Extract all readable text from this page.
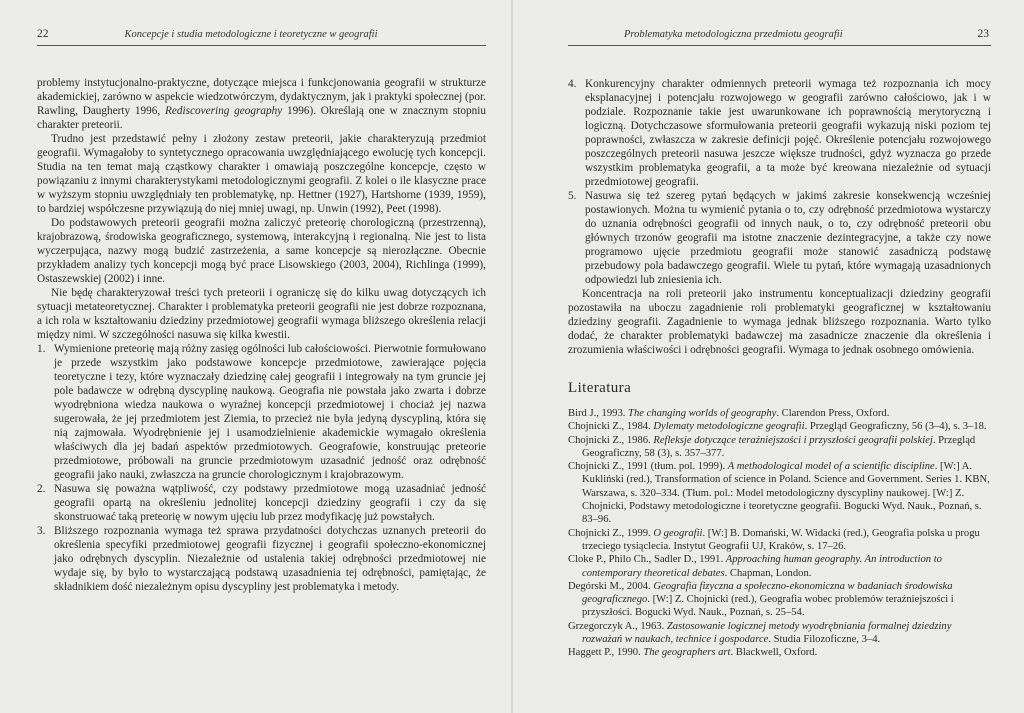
22	Koncepcje i studia metodologiczne i teoretyczne w geografii

problemy instytucjonalno-praktyczne, dotyczące miejsca i funkcjonowania geografii w strukturze akademickiej, zarówno w aspekcie wiedzotwórczym, dydaktycznym, jak i praktyki społecznej (por. Rawling, Daugherty 1996, Rediscovering geography 1996). Określają one w znacznym stopniu charakter preteorii.

Trudno jest przedstawić pełny i złożony zestaw preteorii, jakie charakteryzują przedmiot geografii. Wymagałoby to syntetycznego opracowania uwzględniającego ewolucję tych koncepcji. Studia na ten temat mają cząstkowy charakter i omawiają poszczególne koncepcje, często w powiązaniu z innymi charakterystykami metodologicznymi geografii. Z kolei o ile klasyczne prace w wyższym stopniu uwzględniały ten problematykę, np. Hettner (1927), Hartshorne (1939, 1959), to bardziej współczesne przywiązują do niej mniej uwagi, np. Unwin (1992), Peet (1998).

Do podstawowych preteorii geografii można zaliczyć preteorię chorologiczną (przestrzenną), krajobrazową, środowiska geograficznego, systemową, interakcyjną i regionalną. Nie jest to lista wyczerpująca, nazwy mogą budzić zastrzeżenia, a same koncepcje są nierozłączne. Obecnie przykładem analizy tych koncepcji mogą być prace Lisowskiego (2003, 2004), Richlinga (1999), Ostaszewskiej (2002) i inne.

Nie będę charakteryzował treści tych preteorii i ograniczę się do kilku uwag dotyczących ich sytuacji metateoretycznej. Charakter i problematyka preteorii geografii nie jest dobrze rozpoznana, a ich rola w kształtowaniu dziedziny przedmiotowej geografii wymaga bliższego określenia relacji między nimi. W szczególności nasuwa się kilka kwestii.

1. Wymienione preteorię mają różny zasięg ogólności lub całościowości. Pierwotnie formułowano je przede wszystkim jako podstawowe koncepcje przedmiotowe, zawierające pojęcia teoretyczne i tezy, które wyznaczały dziedzinę całej geografii i integrowały na tym gruncie jej pole badawcze w odrębną dyscyplinę naukową. Geografia nie powstała jako zwarta i dobrze wyodrębniona wiedza naukowa o wyraźnej koncepcji przedmiotowej i chociaż jej nazwa sugerowała, że jej przedmiotem jest Ziemia, to przecież nie była jedyną dyscypliną, która się nią zajmowała. Wyodrębnienie jej i usamodzielnienie akademickie wymagało określenia właściwych dla jej badań aspektów przedmiotowych. Geografowie, konstruując preteorie przedmiotowe, próbowali na gruncie przedmiotowym uzasadnić jedność oraz odrębność geografii jako nauki, zwłaszcza na gruncie chorologicznym i krajobrazowym.
2. Nasuwa się poważna wątpliwość, czy podstawy przedmiotowe mogą uzasadniać jedność geografii opartą na określeniu jednolitej koncepcji dziedziny geografii i czy da się skonstruować taką preteorię w nowym ujęciu lub przez modyfikację już powstałych.
3. Bliższego rozpoznania wymaga też sprawa przydatności dotychczas uznanych preteorii do określenia specyfiki przedmiotowej geografii fizycznej i geografii społeczno-ekonomicznej jako odrębnych dyscyplin. Niezależnie od ustalenia takiej odrębności przedmiotowej nie wydaje się, by było to wystarczającą podstawą uzasadnienia tej odrębności, pamiętając, że składnikiem dość niezależnym opisu dyscypliny jest problematyka i metody.
Problematyka metodologiczna przedmiotu geografii	23
4. Konkurencyjny charakter odmiennych preteorii wymaga też rozpoznania ich mocy eksplanacyjnej i potencjału rozwojowego w geografii zarówno całościowo, jak i w podziale. Rozpoznanie takie jest uwarunkowane ich poprawnością merytoryczną i logiczną. Dotychczasowe sformułowania preteorii geografii wykazują niski poziom tej poprawności, zwłaszcza w zakresie definicji pojęć. Określenie potencjału rozwojowego poszczególnych preteorii nasuwa jeszcze większe trudności, gdyż wyznacza go przede wszystkim problematyka geografii, a ta może być kreowana niezależnie od sytuacji przedmiotowej geografii.
5. Nasuwa się też szereg pytań będących w jakimś zakresie konsekwencją wcześniej postawionych. Można tu wymienić pytania o to, czy odrębność przedmiotowa wystarczy do uznania odrębności geografii od innych nauk, o to, czy odrębność preteorii obu głównych trzonów geografii ma istotne znaczenie dezintegracyjne, a także czy nowe programowo ujęcie przedmiotu geografii może stanowić zasadniczą podstawę przebudowy pola badawczego geografii. Wiele tu pytań, które wymagają uzasadnionych odpowiedzi lub zniesienia ich.

Koncentracja na roli preteorii jako instrumentu konceptualizacji dziedziny geografii pozostawiła na uboczu zagadnienie roli problematyki geograficznej w kształtowaniu dziedziny geografii. Zagadnienie to wymaga jednak bliższego rozpoznania. Warto tylko dodać, że charakter problematyki badawczej ma zasadnicze znaczenie dla określenia i zrozumienia właściwości i odrębności geografii. Wymaga to jednak osobnego omówienia.

Literatura

Bird J., 1993. The changing worlds of geography. Clarendon Press, Oxford.

Chojnicki Z., 1984. Dylematy metodologiczne geografii. Przegląd Geograficzny, 56 (3–4), s. 3–18.

Chojnicki Z., 1986. Refleksje dotyczące teraźniejszości i przyszłości geografii polskiej. Przegląd Geograficzny, 58 (3), s. 357–377.

Chojnicki Z., 1991 (tłum. pol. 1999). A methodological model of a scientific discipline. [W:] A. Kukliński (red.), Transformation of science in Poland. Science and Government. Series 1. KBN, Warszawa, s. 320–334. (Tłum. pol.: Model metodologiczny dyscypliny naukowej. [W:] Z. Chojnicki, Podstawy metodologiczne i teoretyczne geografii. Bogucki Wyd. Nauk., Poznań, s. 83–96.

Chojnicki Z., 1999. O geografii. [W:] B. Domański, W. Widacki (red.), Geografia polska u progu trzeciego tysiąclecia. Instytut Geografii UJ, Kraków, s. 17–26.

Cloke P., Philo Ch., Sadler D., 1991. Approaching human geography. An introduction to contemporary theoretical debates. Chapman, London.

Degórski M., 2004. Geografia fizyczna a społeczno-ekonomiczna w badaniach środowiska geograficznego. [W:] Z. Chojnicki (red.), Geografia wobec problemów teraźniejszości i przyszłości. Bogucki Wyd. Nauk., Poznań, s. 25–54.

Grzegorczyk A., 1963. Zastosowanie logicznej metody wyodrębniania formalnej dziedziny rozważań w naukach, technice i gospodarce. Studia Filozoficzne, 3–4.

Haggett P., 1990. The geographers art. Blackwell, Oxford.
